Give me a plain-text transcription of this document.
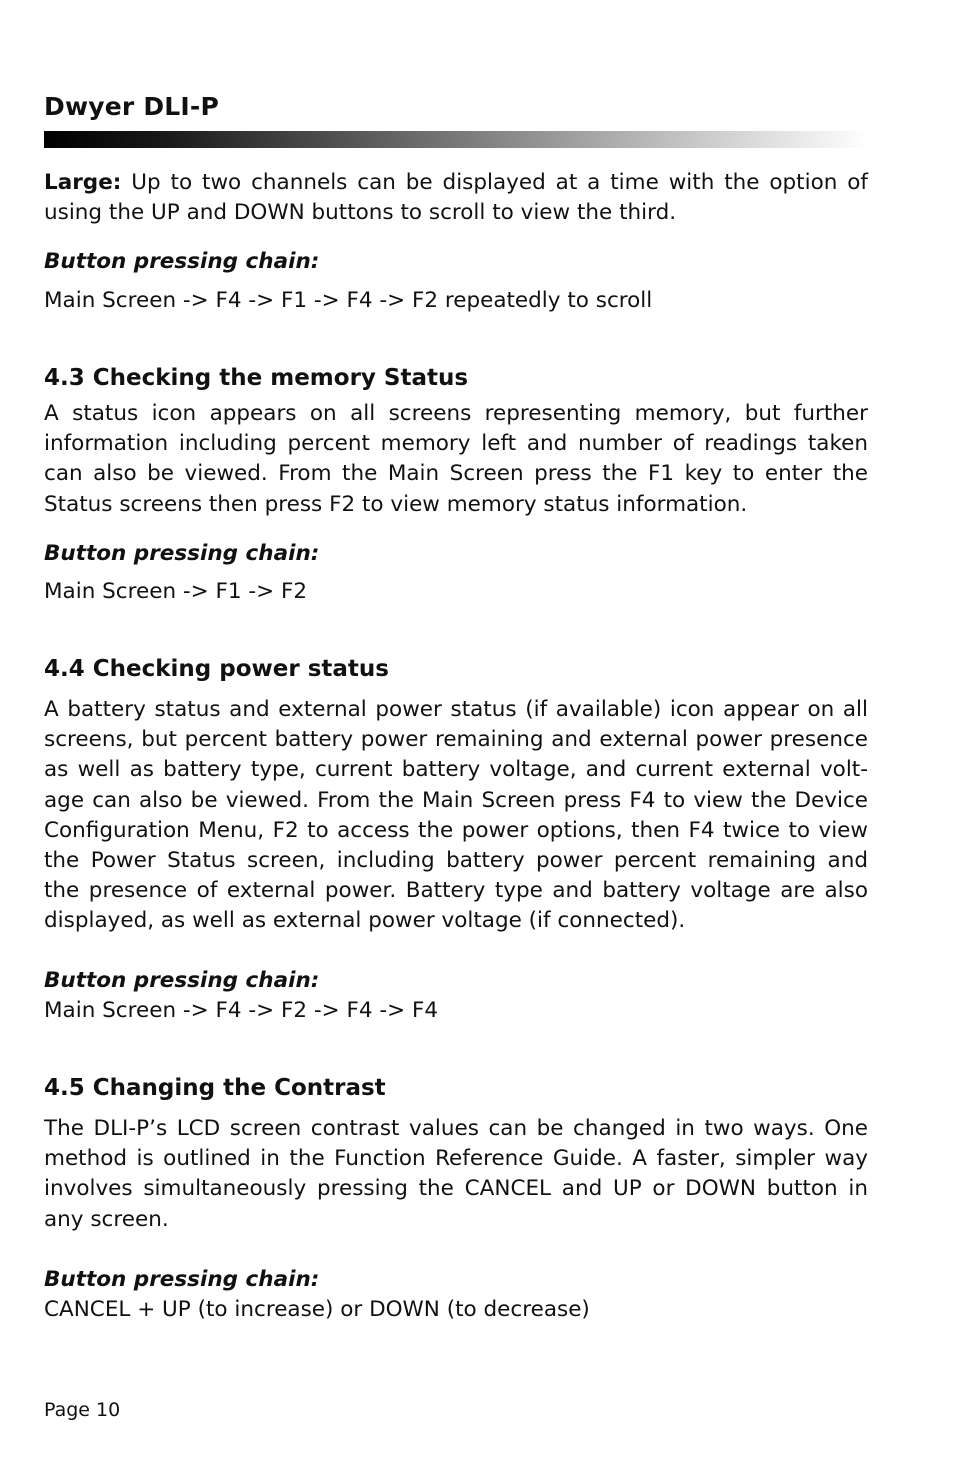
Dwyer DLI-P
Large: Up to two channels can be displayed at a time with the option of using the UP and DOWN buttons to scroll to view the third.
Button pressing chain:
Main Screen -> F4 -> F1 -> F4 -> F2 repeatedly to scroll
4.3 Checking the memory Status
A status icon appears on all screens representing memory, but further information including percent memory left and number of readings taken can also be viewed. From the Main Screen press the F1 key to enter the Status screens then press F2 to view memory status information.
Button pressing chain:
Main Screen -> F1 -> F2
4.4 Checking power status
A battery status and external power status (if available) icon appear on all screens, but percent battery power remaining and external power presence as well as battery type, current battery voltage, and current external volt-age can also be viewed. From the Main Screen press F4 to view the Device Configuration Menu, F2 to access the power options, then F4 twice to view the Power Status screen, including battery power percent remaining and the presence of external power. Battery type and battery voltage are also displayed, as well as external power voltage (if connected).
Button pressing chain:
Main Screen -> F4 -> F2 -> F4 -> F4
4.5 Changing the Contrast
The DLI-P’s LCD screen contrast values can be changed in two ways. One method is outlined in the Function Reference Guide. A faster, simpler way involves simultaneously pressing the CANCEL and UP or DOWN button in any screen.
Button pressing chain:
CANCEL + UP (to increase) or DOWN (to decrease)
Page 10
